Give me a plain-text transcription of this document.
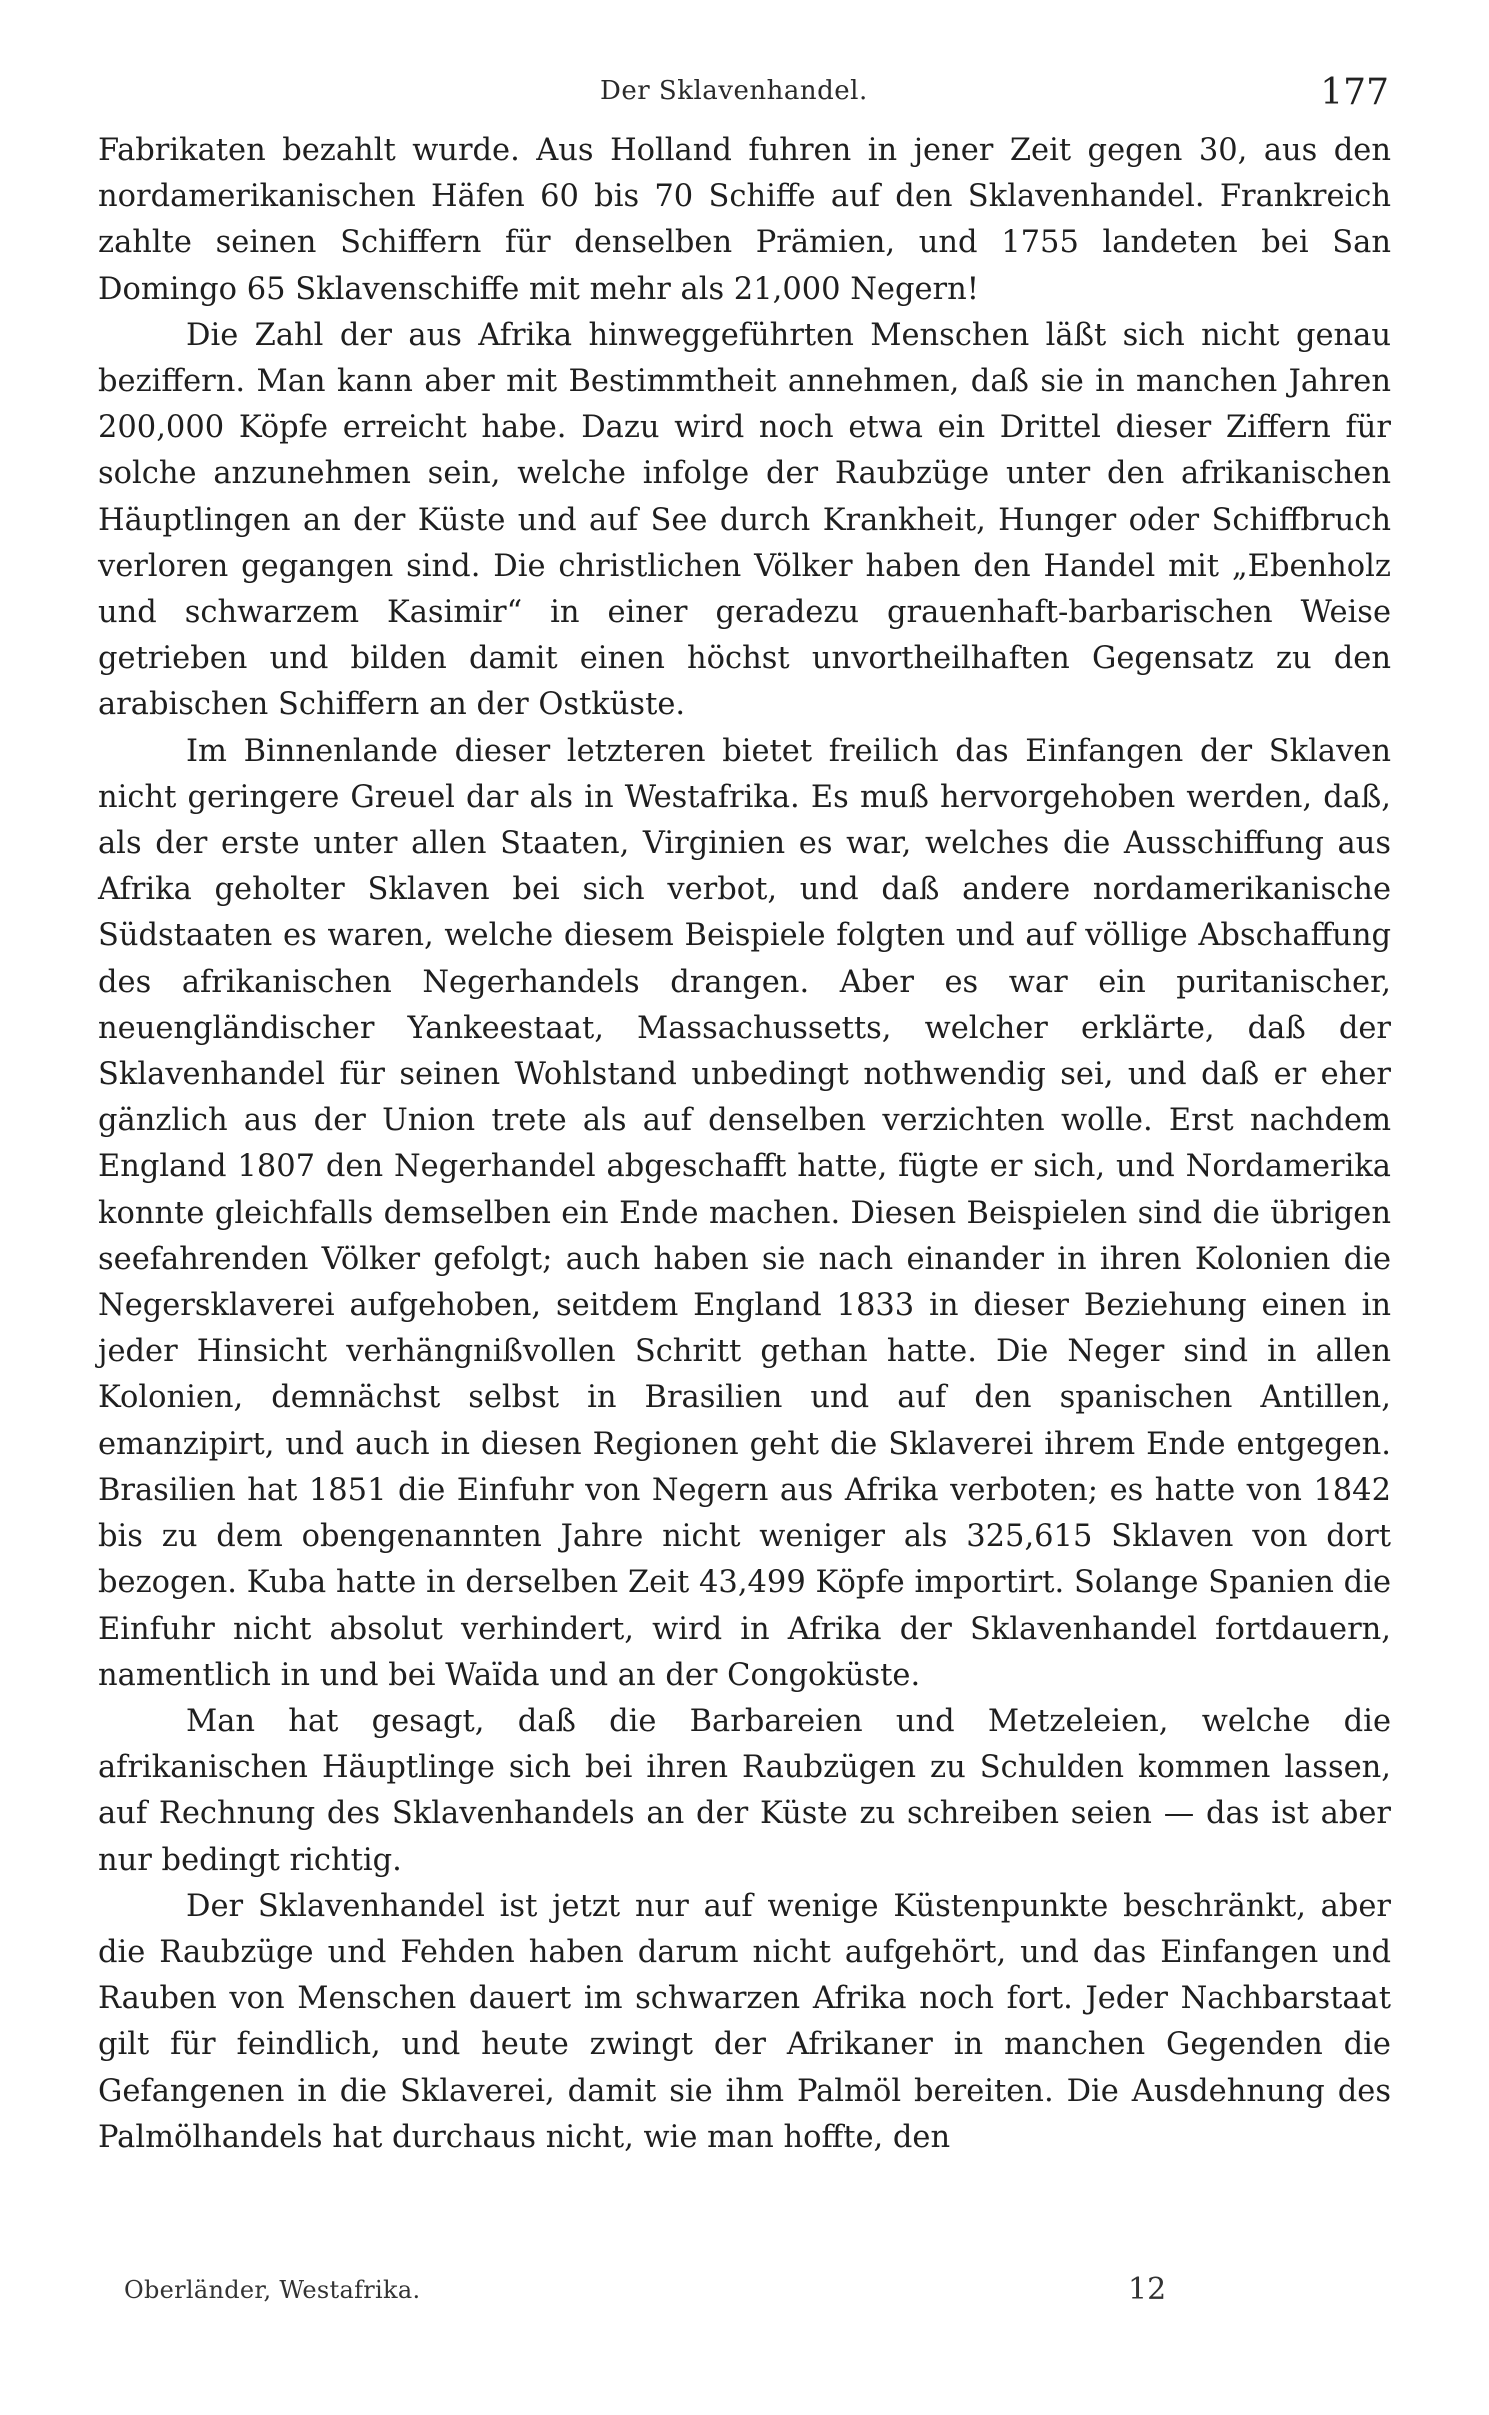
Der Sklavenhandel.	177

Fabrikaten bezahlt wurde. Aus Holland fuhren in jener Zeit gegen 30, aus den nordamerikanischen Häfen 60 bis 70 Schiffe auf den Sklavenhandel. Frankreich zahlte seinen Schiffern für denselben Prämien, und 1755 landeten bei San Domingo 65 Sklavenschiffe mit mehr als 21,000 Negern!

Die Zahl der aus Afrika hinweggeführten Menschen läßt sich nicht genau beziffern. Man kann aber mit Bestimmtheit annehmen, daß sie in manchen Jahren 200,000 Köpfe erreicht habe. Dazu wird noch etwa ein Drittel dieser Ziffern für solche anzunehmen sein, welche infolge der Raubzüge unter den afrikanischen Häuptlingen an der Küste und auf See durch Krankheit, Hunger oder Schiffbruch verloren gegangen sind. Die christlichen Völker haben den Handel mit „Ebenholz und schwarzem Kasimir“ in einer geradezu grauenhaft-barbarischen Weise getrieben und bilden damit einen höchst unvortheilhaften Gegensatz zu den arabischen Schiffern an der Ostküste.

Im Binnenlande dieser letzteren bietet freilich das Einfangen der Sklaven nicht geringere Greuel dar als in Westafrika. Es muß hervorgehoben werden, daß, als der erste unter allen Staaten, Virginien es war, welches die Ausschiffung aus Afrika geholter Sklaven bei sich verbot, und daß andere nordamerikanische Südstaaten es waren, welche diesem Beispiele folgten und auf völlige Abschaffung des afrikanischen Negerhandels drangen. Aber es war ein puritanischer, neuengländischer Yankeestaat, Massachussetts, welcher erklärte, daß der Sklavenhandel für seinen Wohlstand unbedingt nothwendig sei, und daß er eher gänzlich aus der Union trete als auf denselben verzichten wolle. Erst nachdem England 1807 den Negerhandel abgeschafft hatte, fügte er sich, und Nordamerika konnte gleichfalls demselben ein Ende machen. Diesen Beispielen sind die übrigen seefahrenden Völker gefolgt; auch haben sie nach einander in ihren Kolonien die Negersklaverei aufgehoben, seitdem England 1833 in dieser Beziehung einen in jeder Hinsicht verhängnißvollen Schritt gethan hatte. Die Neger sind in allen Kolonien, demnächst selbst in Brasilien und auf den spanischen Antillen, emanzipirt, und auch in diesen Regionen geht die Sklaverei ihrem Ende entgegen. Brasilien hat 1851 die Einfuhr von Negern aus Afrika verboten; es hatte von 1842 bis zu dem obengenannten Jahre nicht weniger als 325,615 Sklaven von dort bezogen. Kuba hatte in derselben Zeit 43,499 Köpfe importirt. Solange Spanien die Einfuhr nicht absolut verhindert, wird in Afrika der Sklavenhandel fortdauern, namentlich in und bei Waïda und an der Congoküste.

Man hat gesagt, daß die Barbareien und Metzeleien, welche die afrikanischen Häuptlinge sich bei ihren Raubzügen zu Schulden kommen lassen, auf Rechnung des Sklavenhandels an der Küste zu schreiben seien — das ist aber nur bedingt richtig.

Der Sklavenhandel ist jetzt nur auf wenige Küstenpunkte beschränkt, aber die Raubzüge und Fehden haben darum nicht aufgehört, und das Einfangen und Rauben von Menschen dauert im schwarzen Afrika noch fort. Jeder Nachbarstaat gilt für feindlich, und heute zwingt der Afrikaner in manchen Gegenden die Gefangenen in die Sklaverei, damit sie ihm Palmöl bereiten. Die Ausdehnung des Palmölhandels hat durchaus nicht, wie man hoffte, den

Oberländer, Westafrika.	12
